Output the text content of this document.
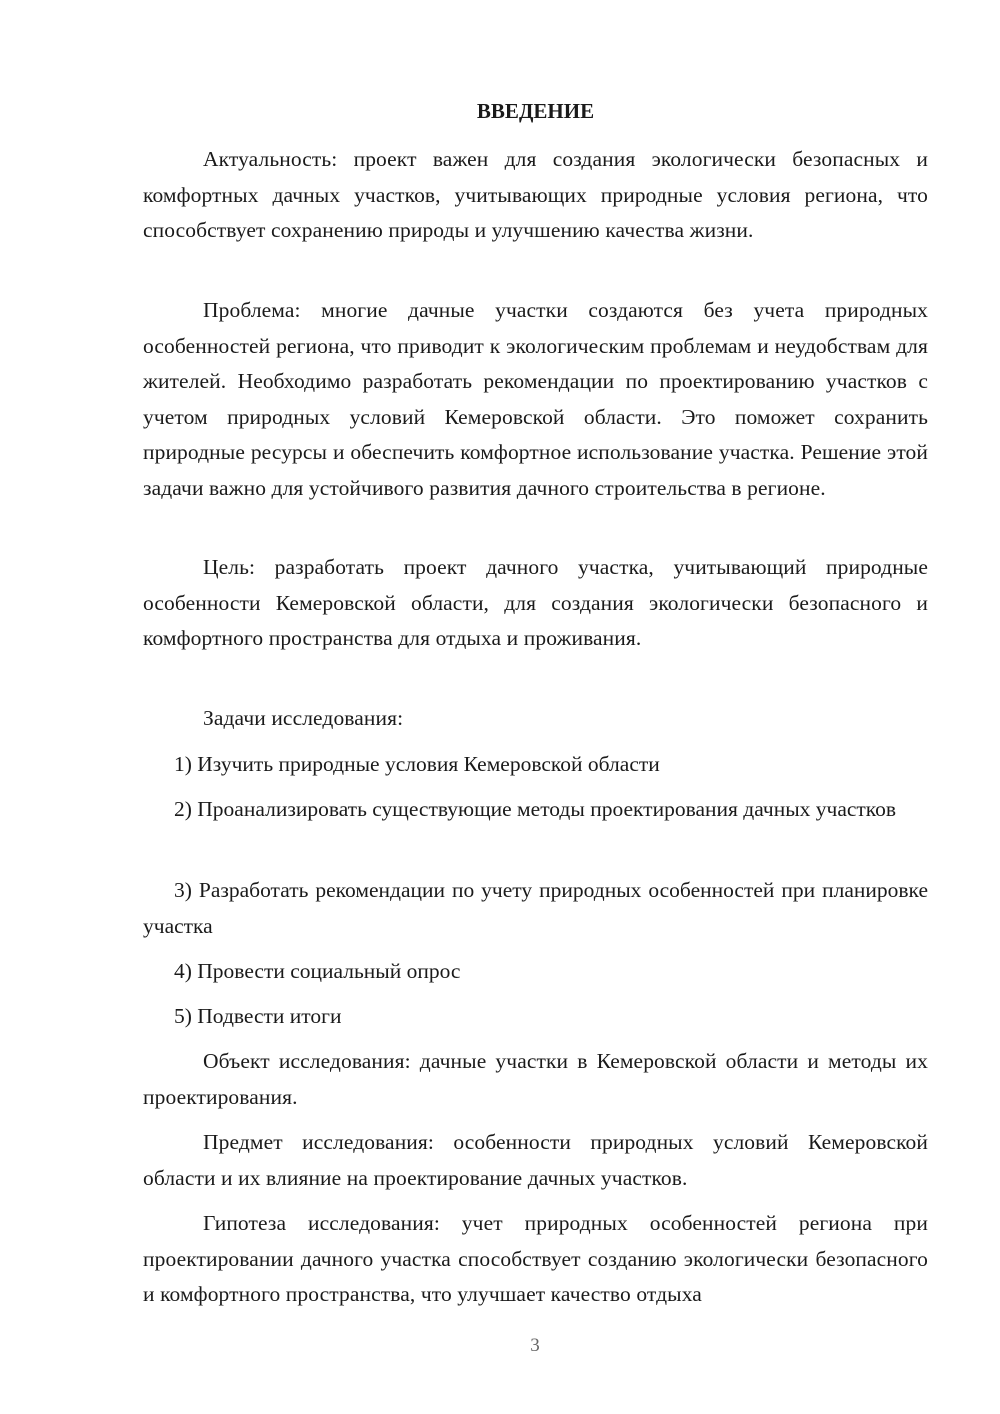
ВВЕДЕНИЕ

Актуальность: проект важен для создания экологически безопасных и комфортных дачных участков, учитывающих природные условия региона, что способствует сохранению природы и улучшению качества жизни.

Проблема: многие дачные участки создаются без учета природных особенностей региона, что приводит к экологическим проблемам и неудобствам для жителей. Необходимо разработать рекомендации по проектированию участков с учетом природных условий Кемеровской области. Это поможет сохранить природные ресурсы и обеспечить комфортное использование участка. Решение этой задачи важно для устойчивого развития дачного строительства в регионе.

Цель: разработать проект дачного участка, учитывающий природные особенности Кемеровской области, для создания экологически безопасного и комфортного пространства для отдыха и проживания.

Задачи исследования:

1) Изучить природные условия Кемеровской области

2) Проанализировать существующие методы проектирования дачных участков

3) Разработать рекомендации по учету природных особенностей при планировке участка

4) Провести социальный опрос

5) Подвести итоги

Объект исследования: дачные участки в Кемеровской области и методы их проектирования.

Предмет исследования: особенности природных условий Кемеровской области и их влияние на проектирование дачных участков.

Гипотеза исследования: учет природных особенностей региона при проектировании дачного участка способствует созданию экологически безопасного и комфортного пространства, что улучшает качество отдыха

3
